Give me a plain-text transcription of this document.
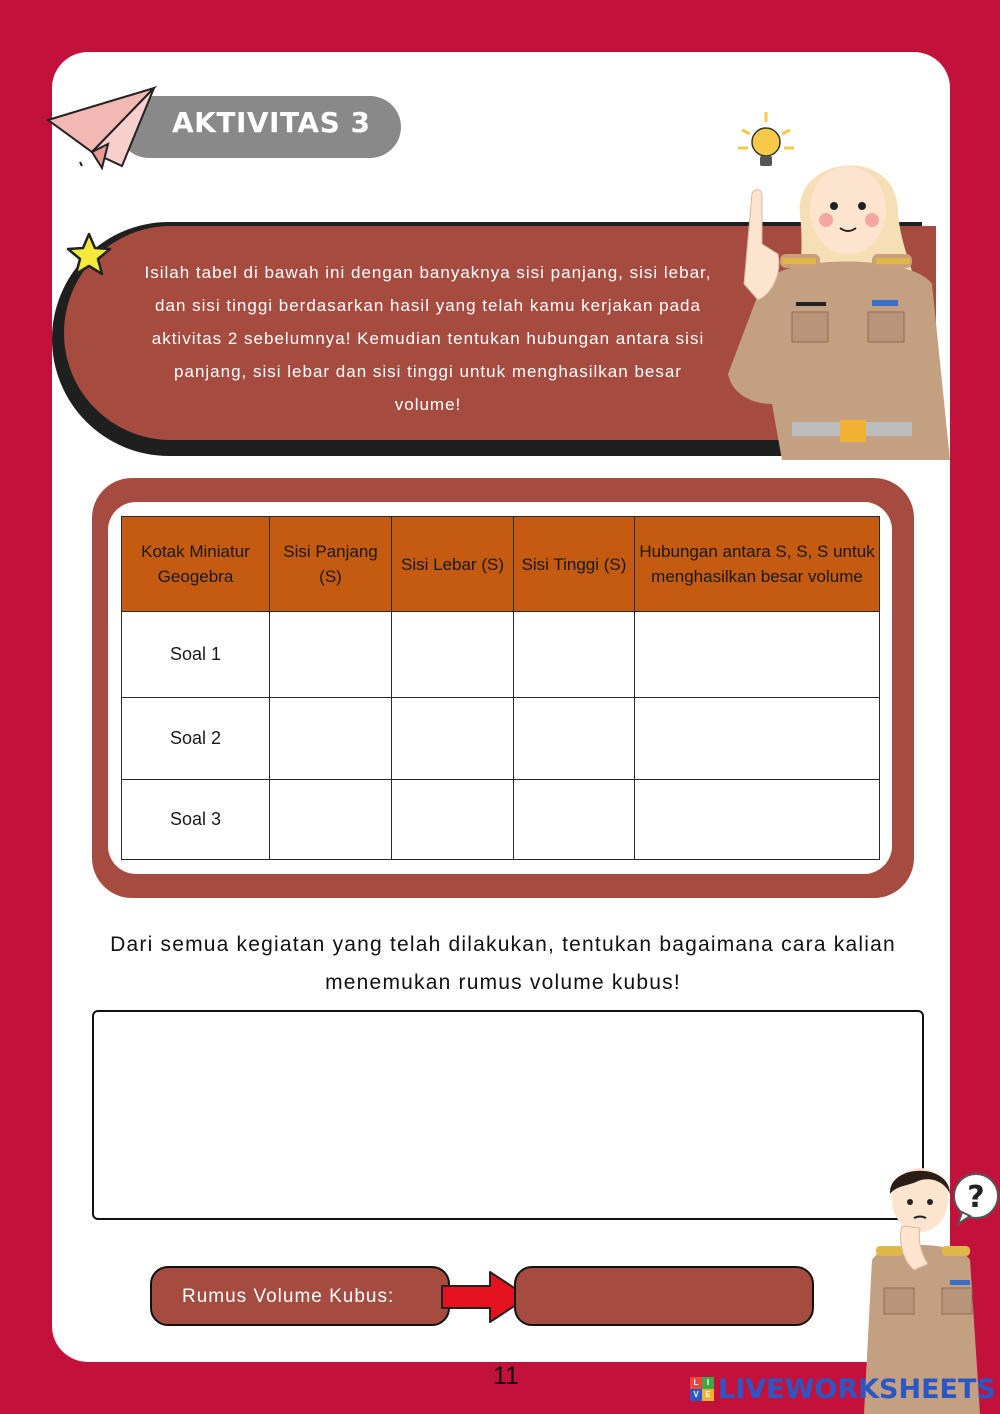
AKTIVITAS 3
Isilah tabel di bawah ini dengan banyaknya sisi panjang, sisi lebar, dan sisi tinggi berdasarkan hasil yang telah kamu kerjakan pada aktivitas 2 sebelumnya! Kemudian tentukan hubungan antara sisi panjang, sisi lebar dan sisi tinggi untuk menghasilkan besar volume!
Kotak Miniatur Geogebra	Sisi Panjang (S)	Sisi Lebar (S)	Sisi Tinggi (S)	Hubungan antara S, S, S untuk menghasilkan besar volume
Soal 1				
Soal 2				
Soal 3				
Dari semua kegiatan yang telah dilakukan, tentukan bagaimana cara kalian menemukan rumus volume kubus!
Rumus Volume Kubus:
?
11	L	I
V E LIVEWORKSHEETS
